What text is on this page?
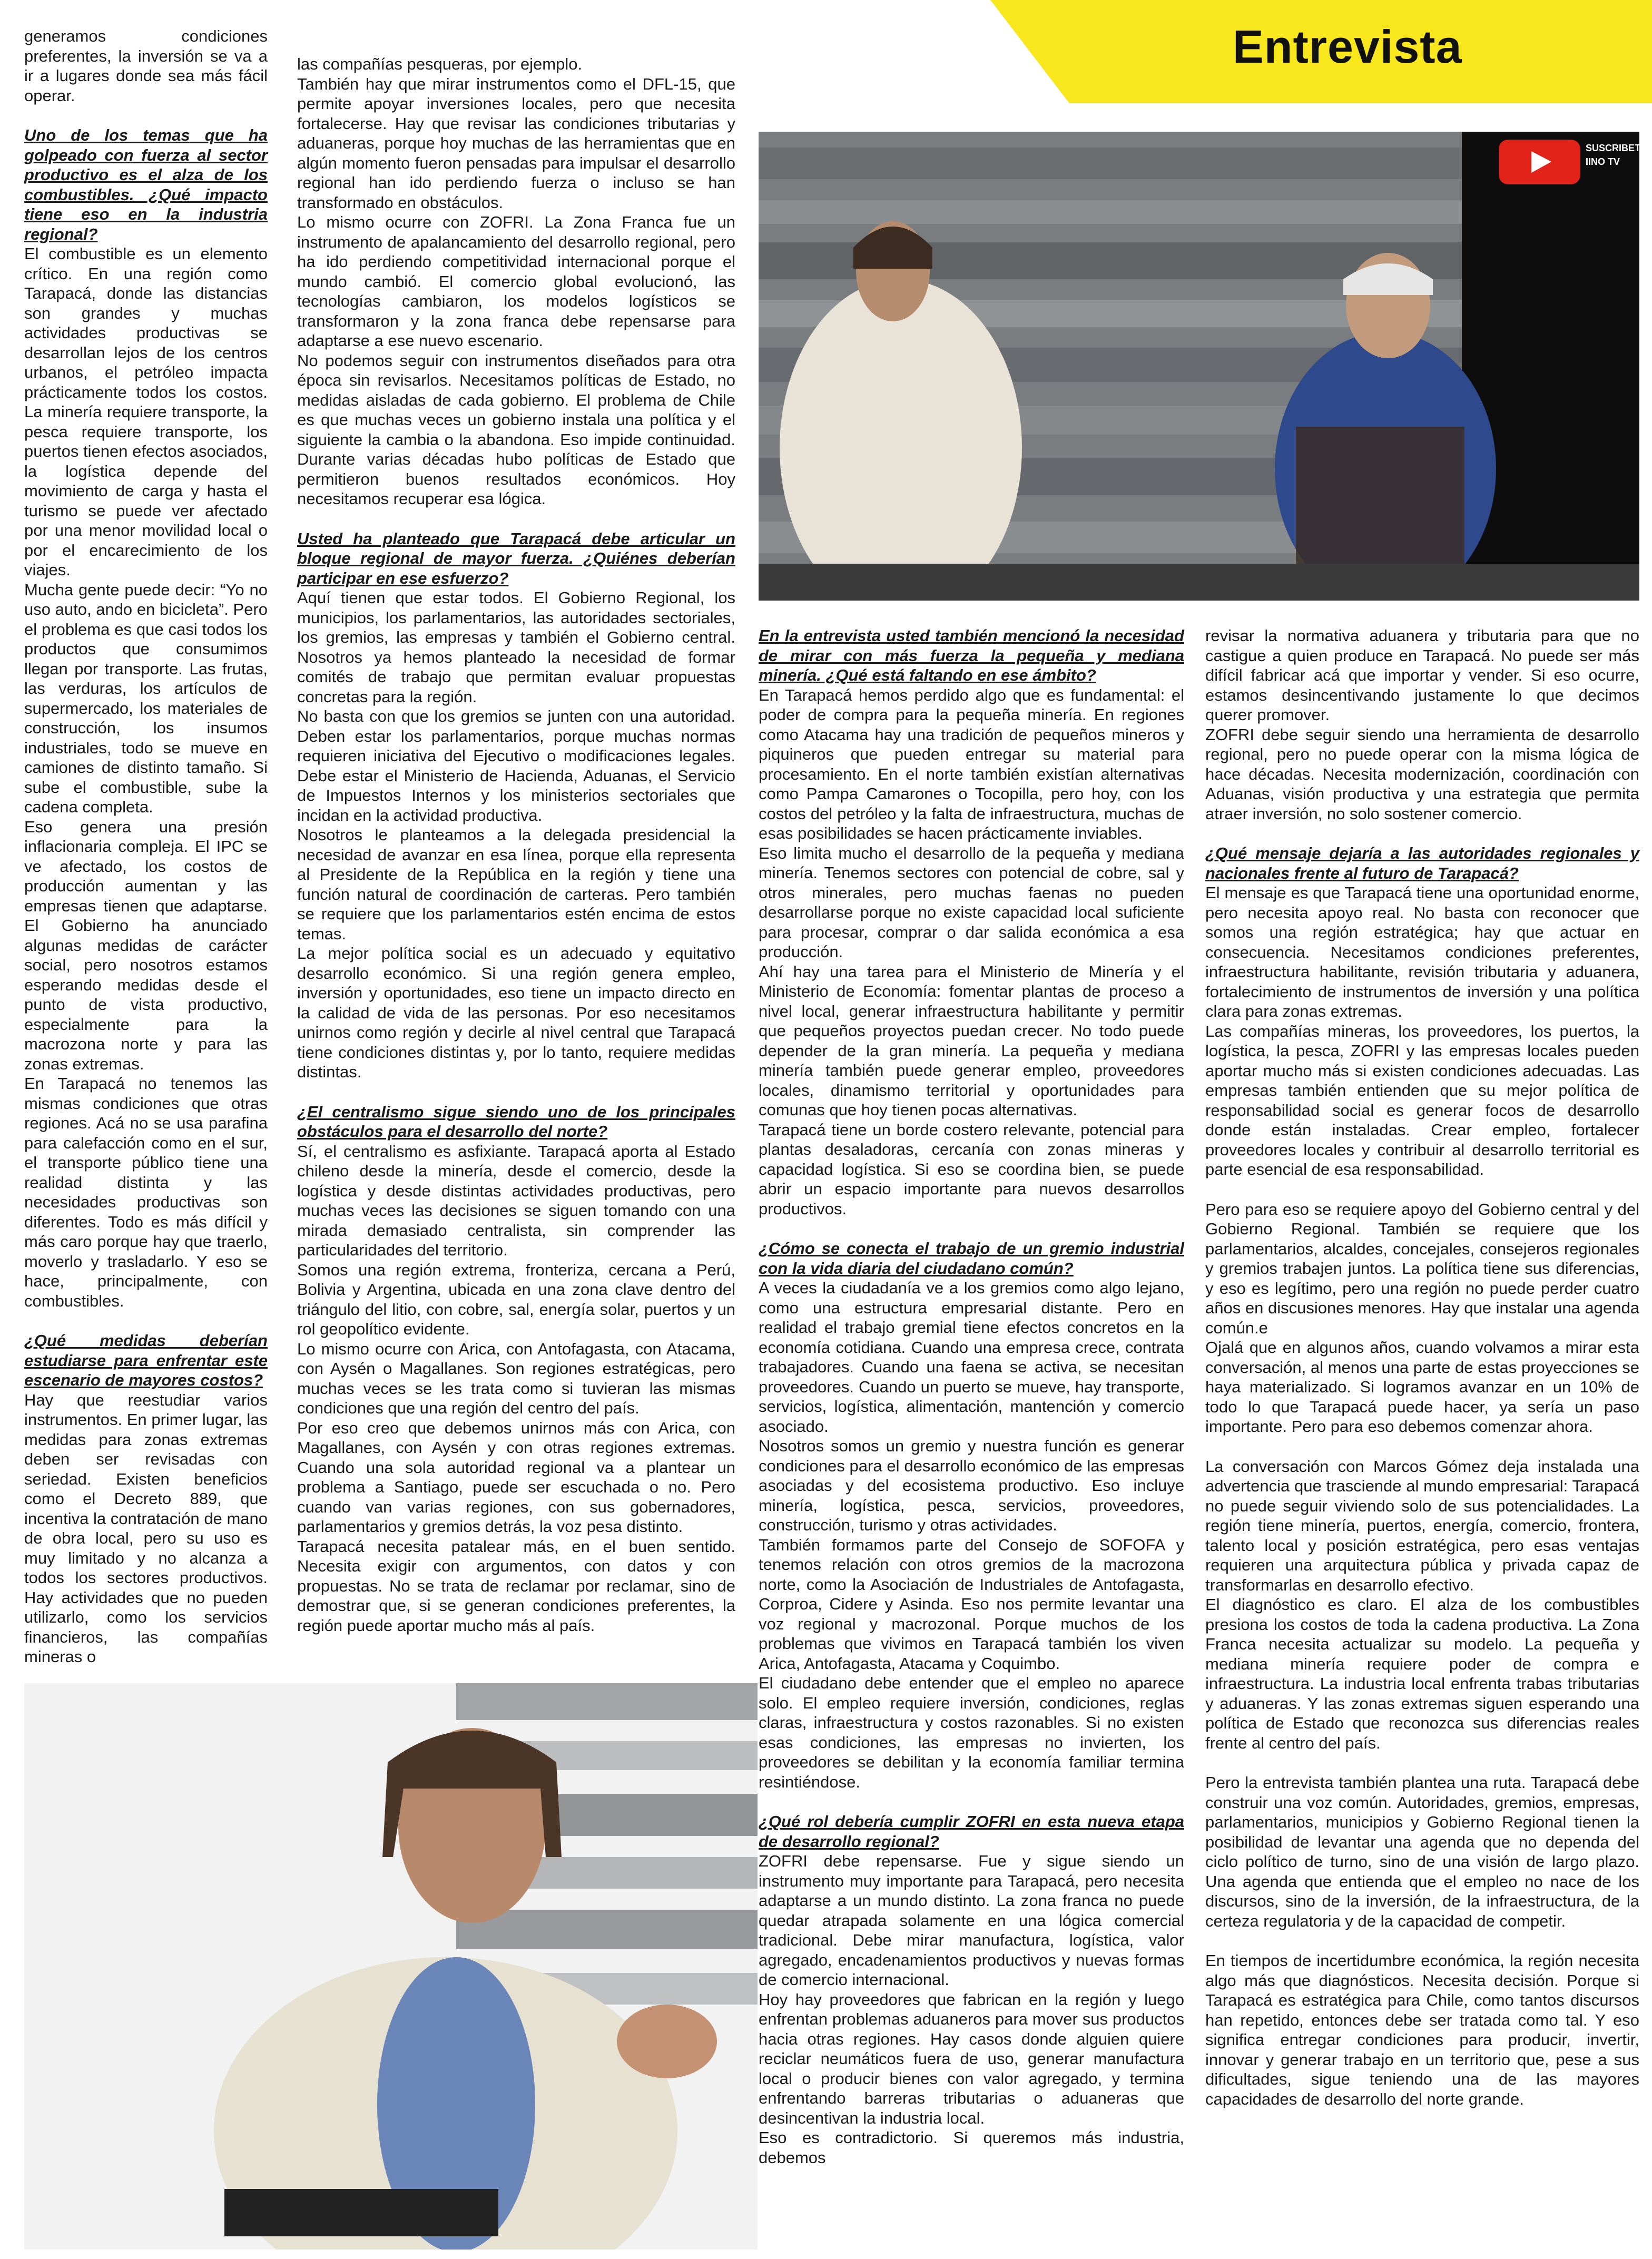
Entrevista

generamos condiciones preferentes, la inversión se va a ir a lugares donde sea más fácil operar.

Uno de los temas que ha golpeado con fuerza al sector productivo es el alza de los combustibles. ¿Qué impacto tiene eso en la industria regional?

El combustible es un elemento crítico. En una región como Tarapacá, donde las distancias son grandes y muchas actividades productivas se desarrollan lejos de los centros urbanos, el petróleo impacta prácticamente todos los costos. La minería requiere transporte, la pesca requiere transporte, los puertos tienen efectos asociados, la logística depende del movimiento de carga y hasta el turismo se puede ver afectado por una menor movilidad local o por el encarecimiento de los viajes.

Mucha gente puede decir: “Yo no uso auto, ando en bicicleta”. Pero el problema es que casi todos los productos que consumimos llegan por transporte. Las frutas, las verduras, los artículos de supermercado, los materiales de construcción, los insumos industriales, todo se mueve en camiones de distinto tamaño. Si sube el combustible, sube la cadena completa.

Eso genera una presión inflacionaria compleja. El IPC se ve afectado, los costos de producción aumentan y las empresas tienen que adaptarse. El Gobierno ha anunciado algunas medidas de carácter social, pero nosotros estamos esperando medidas desde el punto de vista productivo, especialmente para la macrozona norte y para las zonas extremas.

En Tarapacá no tenemos las mismas condiciones que otras regiones. Acá no se usa parafina para calefacción como en el sur, el transporte público tiene una realidad distinta y las necesidades productivas son diferentes. Todo es más difícil y más caro porque hay que traerlo, moverlo y trasladarlo. Y eso se hace, principalmente, con combustibles.

¿Qué medidas deberían estudiarse para enfrentar este escenario de mayores costos?

Hay que reestudiar varios instrumentos. En primer lugar, las medidas para zonas extremas deben ser revisadas con seriedad. Existen beneficios como el Decreto 889, que incentiva la contratación de mano de obra local, pero su uso es muy limitado y no alcanza a todos los sectores productivos. Hay actividades que no pueden utilizarlo, como los servicios financieros, las compañías mineras o

las compañías pesqueras, por ejemplo.

También hay que mirar instrumentos como el DFL-15, que permite apoyar inversiones locales, pero que necesita fortalecerse. Hay que revisar las condiciones tributarias y aduaneras, porque hoy muchas de las herramientas que en algún momento fueron pensadas para impulsar el desarrollo regional han ido perdiendo fuerza o incluso se han transformado en obstáculos.

Lo mismo ocurre con ZOFRI. La Zona Franca fue un instrumento de apalancamiento del desarrollo regional, pero ha ido perdiendo competitividad internacional porque el mundo cambió. El comercio global evolucionó, las tecnologías cambiaron, los modelos logísticos se transformaron y la zona franca debe repensarse para adaptarse a ese nuevo escenario.

No podemos seguir con instrumentos diseñados para otra época sin revisarlos. Necesitamos políticas de Estado, no medidas aisladas de cada gobierno. El problema de Chile es que muchas veces un gobierno instala una política y el siguiente la cambia o la abandona. Eso impide continuidad. Durante varias décadas hubo políticas de Estado que permitieron buenos resultados económicos. Hoy necesitamos recuperar esa lógica.

Usted ha planteado que Tarapacá debe articular un bloque regional de mayor fuerza. ¿Quiénes deberían participar en ese esfuerzo?

Aquí tienen que estar todos. El Gobierno Regional, los municipios, los parlamentarios, las autoridades sectoriales, los gremios, las empresas y también el Gobierno central. Nosotros ya hemos planteado la necesidad de formar comités de trabajo que permitan evaluar propuestas concretas para la región.

No basta con que los gremios se junten con una autoridad. Deben estar los parlamentarios, porque muchas normas requieren iniciativa del Ejecutivo o modificaciones legales. Debe estar el Ministerio de Hacienda, Aduanas, el Servicio de Impuestos Internos y los ministerios sectoriales que incidan en la actividad productiva.

Nosotros le planteamos a la delegada presidencial la necesidad de avanzar en esa línea, porque ella representa al Presidente de la República en la región y tiene una función natural de coordinación de carteras. Pero también se requiere que los parlamentarios estén encima de estos temas.

La mejor política social es un adecuado y equitativo desarrollo económico. Si una región genera empleo, inversión y oportunidades, eso tiene un impacto directo en la calidad de vida de las personas. Por eso necesitamos unirnos como región y decirle al nivel central que Tarapacá tiene condiciones distintas y, por lo tanto, requiere medidas distintas.

¿El centralismo sigue siendo uno de los principales obstáculos para el desarrollo del norte?

Sí, el centralismo es asfixiante. Tarapacá aporta al Estado chileno desde la minería, desde el comercio, desde la logística y desde distintas actividades productivas, pero muchas veces las decisiones se siguen tomando con una mirada demasiado centralista, sin comprender las particularidades del territorio.

Somos una región extrema, fronteriza, cercana a Perú, Bolivia y Argentina, ubicada en una zona clave dentro del triángulo del litio, con cobre, sal, energía solar, puertos y un rol geopolítico evidente.

Lo mismo ocurre con Arica, con Antofagasta, con Atacama, con Aysén o Magallanes. Son regiones estratégicas, pero muchas veces se les trata como si tuvieran las mismas condiciones que una región del centro del país.

Por eso creo que debemos unirnos más con Arica, con Magallanes, con Aysén y con otras regiones extremas. Cuando una sola autoridad regional va a plantear un problema a Santiago, puede ser escuchada o no. Pero cuando van varias regiones, con sus gobernadores, parlamentarios y gremios detrás, la voz pesa distinto.

Tarapacá necesita patalear más, en el buen sentido. Necesita exigir con argumentos, con datos y con propuestas. No se trata de reclamar por reclamar, sino de demostrar que, si se generan condiciones preferentes, la región puede aportar mucho más al país.

SUSCRIBETE
IINO TV

En la entrevista usted también mencionó la necesidad de mirar con más fuerza la pequeña y mediana minería. ¿Qué está faltando en ese ámbito?

En Tarapacá hemos perdido algo que es fundamental: el poder de compra para la pequeña minería. En regiones como Atacama hay una tradición de pequeños mineros y piquineros que pueden entregar su material para procesamiento. En el norte también existían alternativas como Pampa Camarones o Tocopilla, pero hoy, con los costos del petróleo y la falta de infraestructura, muchas de esas posibilidades se hacen prácticamente inviables.

Eso limita mucho el desarrollo de la pequeña y mediana minería. Tenemos sectores con potencial de cobre, sal y otros minerales, pero muchas faenas no pueden desarrollarse porque no existe capacidad local suficiente para procesar, comprar o dar salida económica a esa producción.

Ahí hay una tarea para el Ministerio de Minería y el Ministerio de Economía: fomentar plantas de proceso a nivel local, generar infraestructura habilitante y permitir que pequeños proyectos puedan crecer. No todo puede depender de la gran minería. La pequeña y mediana minería también puede generar empleo, proveedores locales, dinamismo territorial y oportunidades para comunas que hoy tienen pocas alternativas.

Tarapacá tiene un borde costero relevante, potencial para plantas desaladoras, cercanía con zonas mineras y capacidad logística. Si eso se coordina bien, se puede abrir un espacio importante para nuevos desarrollos productivos.

¿Cómo se conecta el trabajo de un gremio industrial con la vida diaria del ciudadano común?

A veces la ciudadanía ve a los gremios como algo lejano, como una estructura empresarial distante. Pero en realidad el trabajo gremial tiene efectos concretos en la economía cotidiana. Cuando una empresa crece, contrata trabajadores. Cuando una faena se activa, se necesitan proveedores. Cuando un puerto se mueve, hay transporte, servicios, logística, alimentación, mantención y comercio asociado.

Nosotros somos un gremio y nuestra función es generar condiciones para el desarrollo económico de las empresas asociadas y del ecosistema productivo. Eso incluye minería, logística, pesca, servicios, proveedores, construcción, turismo y otras actividades.

También formamos parte del Consejo de SOFOFA y tenemos relación con otros gremios de la macrozona norte, como la Asociación de Industriales de Antofagasta, Corproa, Cidere y Asinda. Eso nos permite levantar una voz regional y macrozonal. Porque muchos de los problemas que vivimos en Tarapacá también los viven Arica, Antofagasta, Atacama y Coquimbo.

El ciudadano debe entender que el empleo no aparece solo. El empleo requiere inversión, condiciones, reglas claras, infraestructura y costos razonables. Si no existen esas condiciones, las empresas no invierten, los proveedores se debilitan y la economía familiar termina resintiéndose.

¿Qué rol debería cumplir ZOFRI en esta nueva etapa de desarrollo regional?

ZOFRI debe repensarse. Fue y sigue siendo un instrumento muy importante para Tarapacá, pero necesita adaptarse a un mundo distinto. La zona franca no puede quedar atrapada solamente en una lógica comercial tradicional. Debe mirar manufactura, logística, valor agregado, encadenamientos productivos y nuevas formas de comercio internacional.

Hoy hay proveedores que fabrican en la región y luego enfrentan problemas aduaneros para mover sus productos hacia otras regiones. Hay casos donde alguien quiere reciclar neumáticos fuera de uso, generar manufactura local o producir bienes con valor agregado, y termina enfrentando barreras tributarias o aduaneras que desincentivan la industria local.

Eso es contradictorio. Si queremos más industria, debemos

revisar la normativa aduanera y tributaria para que no castigue a quien produce en Tarapacá. No puede ser más difícil fabricar acá que importar y vender. Si eso ocurre, estamos desincentivando justamente lo que decimos querer promover.

ZOFRI debe seguir siendo una herramienta de desarrollo regional, pero no puede operar con la misma lógica de hace décadas. Necesita modernización, coordinación con Aduanas, visión productiva y una estrategia que permita atraer inversión, no solo sostener comercio.

¿Qué mensaje dejaría a las autoridades regionales y nacionales frente al futuro de Tarapacá?

El mensaje es que Tarapacá tiene una oportunidad enorme, pero necesita apoyo real. No basta con reconocer que somos una región estratégica; hay que actuar en consecuencia. Necesitamos condiciones preferentes, infraestructura habilitante, revisión tributaria y aduanera, fortalecimiento de instrumentos de inversión y una política clara para zonas extremas.

Las compañías mineras, los proveedores, los puertos, la logística, la pesca, ZOFRI y las empresas locales pueden aportar mucho más si existen condiciones adecuadas. Las empresas también entienden que su mejor política de responsabilidad social es generar focos de desarrollo donde están instaladas. Crear empleo, fortalecer proveedores locales y contribuir al desarrollo territorial es parte esencial de esa responsabilidad.

Pero para eso se requiere apoyo del Gobierno central y del Gobierno Regional. También se requiere que los parlamentarios, alcaldes, concejales, consejeros regionales y gremios trabajen juntos. La política tiene sus diferencias, y eso es legítimo, pero una región no puede perder cuatro años en discusiones menores. Hay que instalar una agenda común.e

Ojalá que en algunos años, cuando volvamos a mirar esta conversación, al menos una parte de estas proyecciones se haya materializado. Si logramos avanzar en un 10% de todo lo que Tarapacá puede hacer, ya sería un paso importante. Pero para eso debemos comenzar ahora.

La conversación con Marcos Gómez deja instalada una advertencia que trasciende al mundo empresarial: Tarapacá no puede seguir viviendo solo de sus potencialidades. La región tiene minería, puertos, energía, comercio, frontera, talento local y posición estratégica, pero esas ventajas requieren una arquitectura pública y privada capaz de transformarlas en desarrollo efectivo.

El diagnóstico es claro. El alza de los combustibles presiona los costos de toda la cadena productiva. La Zona Franca necesita actualizar su modelo. La pequeña y mediana minería requiere poder de compra e infraestructura. La industria local enfrenta trabas tributarias y aduaneras. Y las zonas extremas siguen esperando una política de Estado que reconozca sus diferencias reales frente al centro del país.

Pero la entrevista también plantea una ruta. Tarapacá debe construir una voz común. Autoridades, gremios, empresas, parlamentarios, municipios y Gobierno Regional tienen la posibilidad de levantar una agenda que no dependa del ciclo político de turno, sino de una visión de largo plazo. Una agenda que entienda que el empleo no nace de los discursos, sino de la inversión, de la infraestructura, de la certeza regulatoria y de la capacidad de competir.

En tiempos de incertidumbre económica, la región necesita algo más que diagnósticos. Necesita decisión. Porque si Tarapacá es estratégica para Chile, como tantos discursos han repetido, entonces debe ser tratada como tal. Y eso significa entregar condiciones para producir, invertir, innovar y generar trabajo en un territorio que, pese a sus dificultades, sigue teniendo una de las mayores capacidades de desarrollo del norte grande.
